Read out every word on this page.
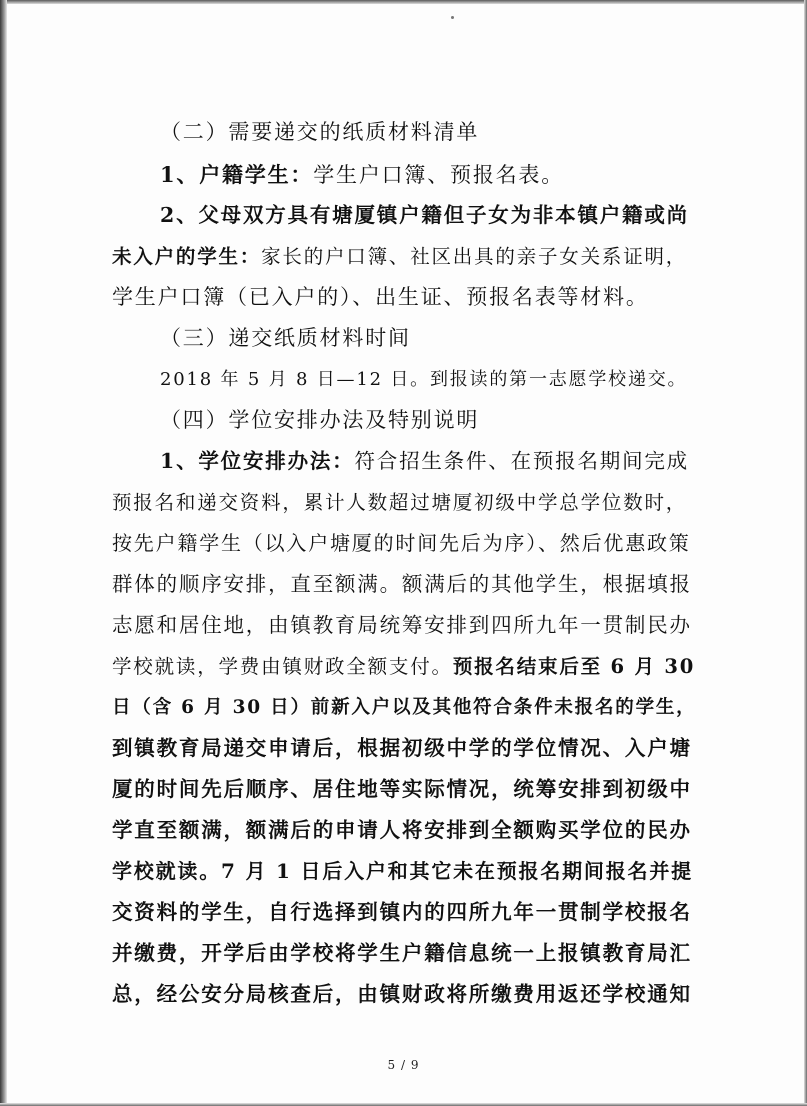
（二）需要递交的纸质材料清单
1、户籍学生：学生户口簿、预报名表。
2、父母双方具有塘厦镇户籍但子女为非本镇户籍或尚
未入户的学生：家长的户口簿、社区出具的亲子女关系证明，
学生户口簿（已入户的）、出生证、预报名表等材料。
（三）递交纸质材料时间
2018 年 5 月 8 日—12 日。到报读的第一志愿学校递交。
（四）学位安排办法及特别说明
1、学位安排办法：符合招生条件、在预报名期间完成
预报名和递交资料，累计人数超过塘厦初级中学总学位数时，
按先户籍学生（以入户塘厦的时间先后为序）、然后优惠政策
群体的顺序安排，直至额满。额满后的其他学生，根据填报
志愿和居住地，由镇教育局统筹安排到四所九年一贯制民办
学校就读，学费由镇财政全额支付。预报名结束后至 6 月 30
日（含 6 月 30 日）前新入户以及其他符合条件未报名的学生，
到镇教育局递交申请后，根据初级中学的学位情况、入户塘
厦的时间先后顺序、居住地等实际情况，统筹安排到初级中
学直至额满，额满后的申请人将安排到全额购买学位的民办
学校就读。7 月 1 日后入户和其它未在预报名期间报名并提
交资料的学生，自行选择到镇内的四所九年一贯制学校报名
并缴费，开学后由学校将学生户籍信息统一上报镇教育局汇
总，经公安分局核查后，由镇财政将所缴费用返还学校通知
5 / 9
